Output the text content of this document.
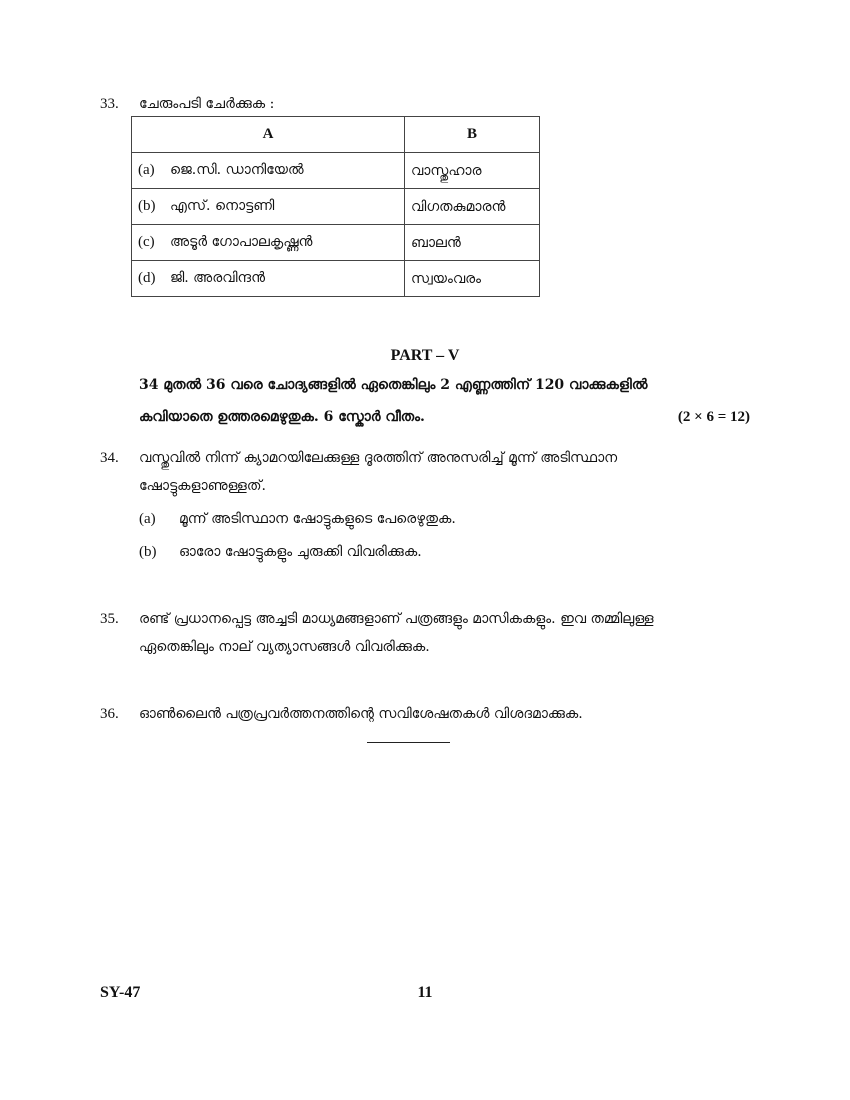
33. ചേരുംപടി ചേർക്കുക :
A	B
(a) ജെ.സി. ഡാനിയേൽ	വാസ്തുഹാര
(b) എസ്. നൊട്ടണി	വിഗതകുമാരൻ
(c) അടൂർ ഗോപാലകൃഷ്ണൻ	ബാലൻ
(d) ജി. അരവിന്ദൻ	സ്വയംവരം
PART – V
34 മുതൽ 36 വരെ ചോദ്യങ്ങളിൽ ഏതെങ്കിലും 2 എണ്ണത്തിന് 120 വാക്കുകളിൽ
കവിയാതെ ഉത്തരമെഴുതുക. 6 സ്കോർ വീതം.	(2 × 6 = 12)
34. വസ്തുവിൽ നിന്ന് ക്യാമറയിലേക്കുള്ള ദൂരത്തിന് അനുസരിച്ച് മൂന്ന് അടിസ്ഥാന
ഷോട്ടുകളാണുള്ളത്.
(a) മൂന്ന് അടിസ്ഥാന ഷോട്ടുകളുടെ പേരെഴുതുക.
(b) ഓരോ ഷോട്ടുകളും ചുരുക്കി വിവരിക്കുക.
35. രണ്ട് പ്രധാനപ്പെട്ട അച്ചടി മാധ്യമങ്ങളാണ് പത്രങ്ങളും മാസികകളും. ഇവ തമ്മിലുള്ള
ഏതെങ്കിലും നാല് വ്യത്യാസങ്ങൾ വിവരിക്കുക.
36. ഓൺലൈൻ പത്രപ്രവർത്തനത്തിന്റെ സവിശേഷതകൾ വിശദമാക്കുക.
SY-47	11
